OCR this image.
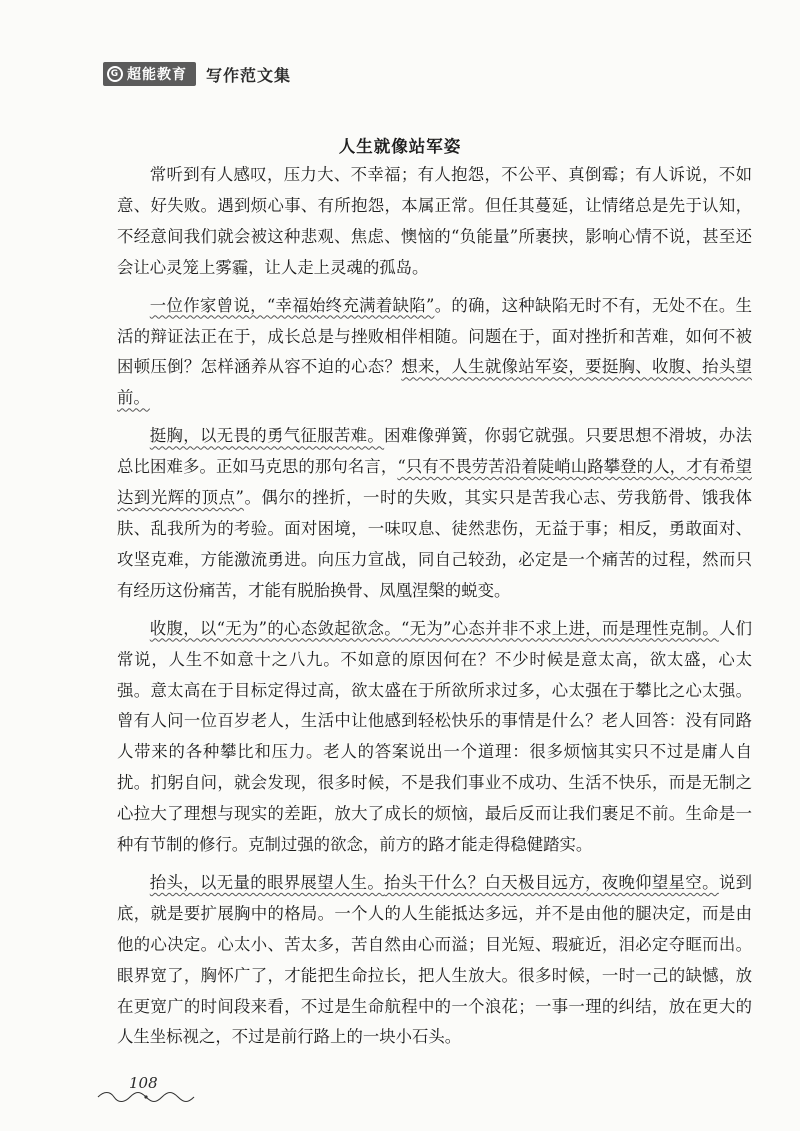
G 超能教育 写作范文集
人生就像站军姿

常听到有人感叹，压力大、不幸福；有人抱怨，不公平、真倒霉；有人诉说，不如意、好失败。遇到烦心事、有所抱怨，本属正常。但任其蔓延，让情绪总是先于认知，不经意间我们就会被这种悲观、焦虑、懊恼的“负能量”所裹挟，影响心情不说，甚至还会让心灵笼上雾霾，让人走上灵魂的孤岛。

一位作家曾说，“幸福始终充满着缺陷”。的确，这种缺陷无时不有，无处不在。生活的辩证法正在于，成长总是与挫败相伴相随。问题在于，面对挫折和苦难，如何不被困顿压倒？怎样涵养从容不迫的心态？想来，人生就像站军姿，要挺胸、收腹、抬头望前。

挺胸，以无畏的勇气征服苦难。困难像弹簧，你弱它就强。只要思想不滑坡，办法总比困难多。正如马克思的那句名言，“只有不畏劳苦沿着陡峭山路攀登的人，才有希望达到光辉的顶点”。偶尔的挫折，一时的失败，其实只是苦我心志、劳我筋骨、饿我体肤、乱我所为的考验。面对困境，一味叹息、徒然悲伤，无益于事；相反，勇敢面对、攻坚克难，方能激流勇进。向压力宣战，同自己较劲，必定是一个痛苦的过程，然而只有经历这份痛苦，才能有脱胎换骨、凤凰涅槃的蜕变。

收腹，以“无为”的心态敛起欲念。“无为”心态并非不求上进，而是理性克制。人们常说，人生不如意十之八九。不如意的原因何在？不少时候是意太高，欲太盛，心太强。意太高在于目标定得过高，欲太盛在于所欲所求过多，心太强在于攀比之心太强。曾有人问一位百岁老人，生活中让他感到轻松快乐的事情是什么？老人回答：没有同路人带来的各种攀比和压力。老人的答案说出一个道理：很多烦恼其实只不过是庸人自扰。扪躬自问，就会发现，很多时候，不是我们事业不成功、生活不快乐，而是无制之心拉大了理想与现实的差距，放大了成长的烦恼，最后反而让我们裹足不前。生命是一种有节制的修行。克制过强的欲念，前方的路才能走得稳健踏实。

抬头，以无量的眼界展望人生。抬头干什么？白天极目远方，夜晚仰望星空。说到底，就是要扩展胸中的格局。一个人的人生能抵达多远，并不是由他的腿决定，而是由他的心决定。心太小、苦太多，苦自然由心而溢；目光短、瑕疵近，泪必定夺眶而出。眼界宽了，胸怀广了，才能把生命拉长，把人生放大。很多时候，一时一己的缺憾，放在更宽广的时间段来看，不过是生命航程中的一个浪花；一事一理的纠结，放在更大的人生坐标视之，不过是前行路上的一块小石头。

108
